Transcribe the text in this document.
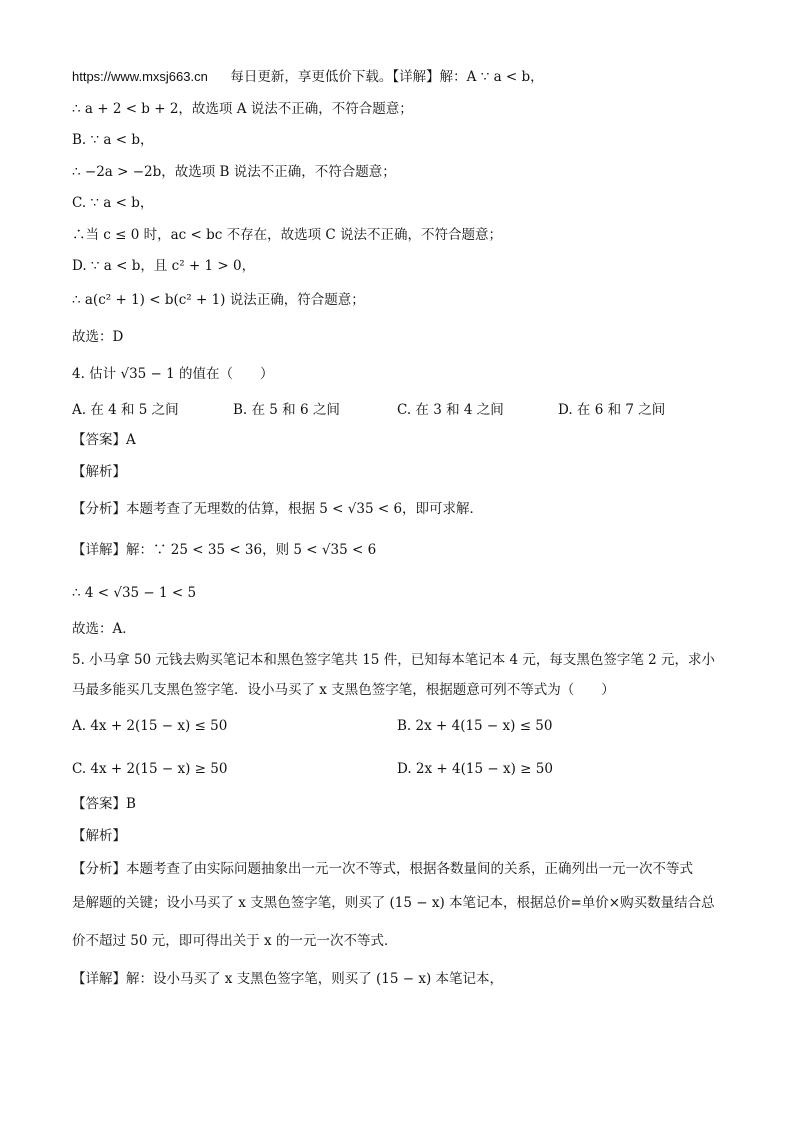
https://www.mxsj663.cn 每日更新，享更低价下载。【详解】解：A ∵ a < b，
∴ a + 2 < b + 2，故选项 A 说法不正确，不符合题意；
B. ∵ a < b，
∴ −2a > −2b，故选项 B 说法不正确，不符合题意；
C. ∵ a < b，
∴当 c ≤ 0 时，ac < bc 不存在，故选项 C 说法不正确，不符合题意；
D. ∵ a < b，且 c² + 1 > 0，
∴ a(c² + 1) < b(c² + 1) 说法正确，符合题意；
故选：D
4. 估计 √35 − 1 的值在（　　）
A. 在 4 和 5 之间	B. 在 5 和 6 之间	C. 在 3 和 4 之间	D. 在 6 和 7 之间
【答案】A
【解析】
【分析】本题考查了无理数的估算，根据 5 < √35 < 6，即可求解．
【详解】解：∵ 25 < 35 < 36，则 5 < √35 < 6
∴ 4 < √35 − 1 < 5
故选：A．
5. 小马拿 50 元钱去购买笔记本和黑色签字笔共 15 件，已知每本笔记本 4 元，每支黑色签字笔 2 元，求小
马最多能买几支黑色签字笔．设小马买了 x 支黑色签字笔，根据题意可列不等式为（　　）
A. 4x + 2(15 − x) ≤ 50	B. 2x + 4(15 − x) ≤ 50
C. 4x + 2(15 − x) ≥ 50	D. 2x + 4(15 − x) ≥ 50
【答案】B
【解析】
【分析】本题考查了由实际问题抽象出一元一次不等式，根据各数量间的关系，正确列出一元一次不等式
是解题的关键；设小马买了 x 支黑色签字笔，则买了 (15 − x) 本笔记本，根据总价=单价×购买数量结合总
价不超过 50 元，即可得出关于 x 的一元一次不等式．
【详解】解：设小马买了 x 支黑色签字笔，则买了 (15 − x) 本笔记本，
